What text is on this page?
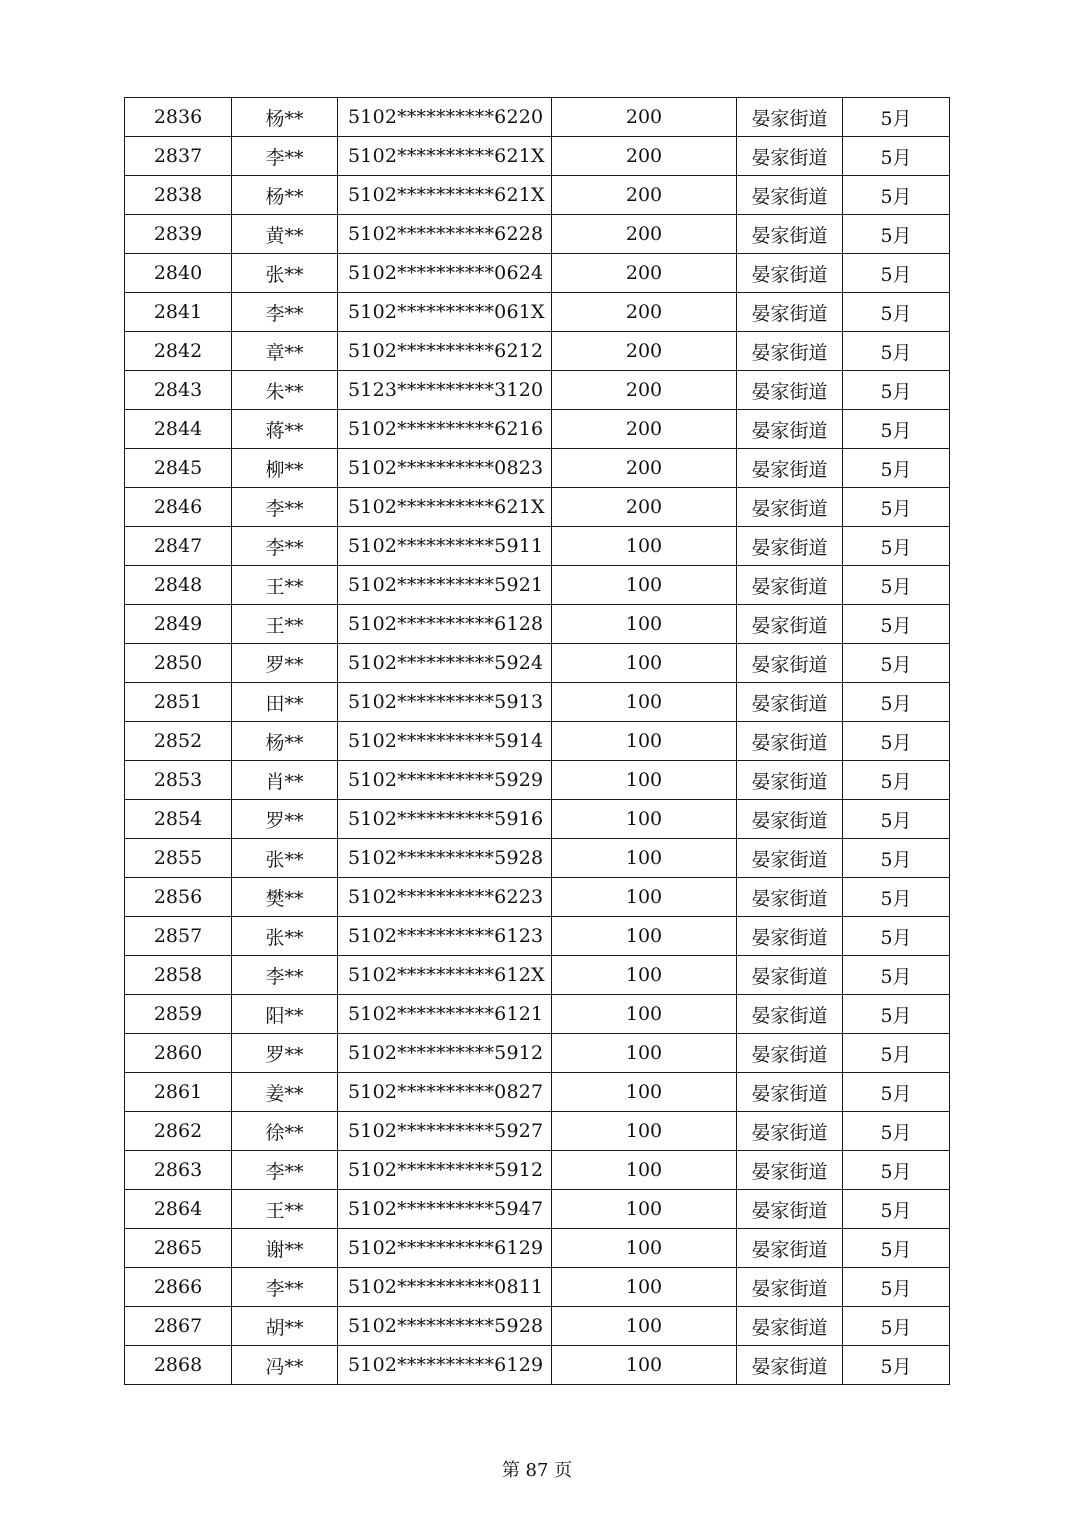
2836	杨**	5102**********6220	200	晏家街道	5月
2837	李**	5102**********621X	200	晏家街道	5月
2838	杨**	5102**********621X	200	晏家街道	5月
2839	黄**	5102**********6228	200	晏家街道	5月
2840	张**	5102**********0624	200	晏家街道	5月
2841	李**	5102**********061X	200	晏家街道	5月
2842	章**	5102**********6212	200	晏家街道	5月
2843	朱**	5123**********3120	200	晏家街道	5月
2844	蒋**	5102**********6216	200	晏家街道	5月
2845	柳**	5102**********0823	200	晏家街道	5月
2846	李**	5102**********621X	200	晏家街道	5月
2847	李**	5102**********5911	100	晏家街道	5月
2848	王**	5102**********5921	100	晏家街道	5月
2849	王**	5102**********6128	100	晏家街道	5月
2850	罗**	5102**********5924	100	晏家街道	5月
2851	田**	5102**********5913	100	晏家街道	5月
2852	杨**	5102**********5914	100	晏家街道	5月
2853	肖**	5102**********5929	100	晏家街道	5月
2854	罗**	5102**********5916	100	晏家街道	5月
2855	张**	5102**********5928	100	晏家街道	5月
2856	樊**	5102**********6223	100	晏家街道	5月
2857	张**	5102**********6123	100	晏家街道	5月
2858	李**	5102**********612X	100	晏家街道	5月
2859	阳**	5102**********6121	100	晏家街道	5月
2860	罗**	5102**********5912	100	晏家街道	5月
2861	姜**	5102**********0827	100	晏家街道	5月
2862	徐**	5102**********5927	100	晏家街道	5月
2863	李**	5102**********5912	100	晏家街道	5月
2864	王**	5102**********5947	100	晏家街道	5月
2865	谢**	5102**********6129	100	晏家街道	5月
2866	李**	5102**********0811	100	晏家街道	5月
2867	胡**	5102**********5928	100	晏家街道	5月
2868	冯**	5102**********6129	100	晏家街道	5月
第 87 页
